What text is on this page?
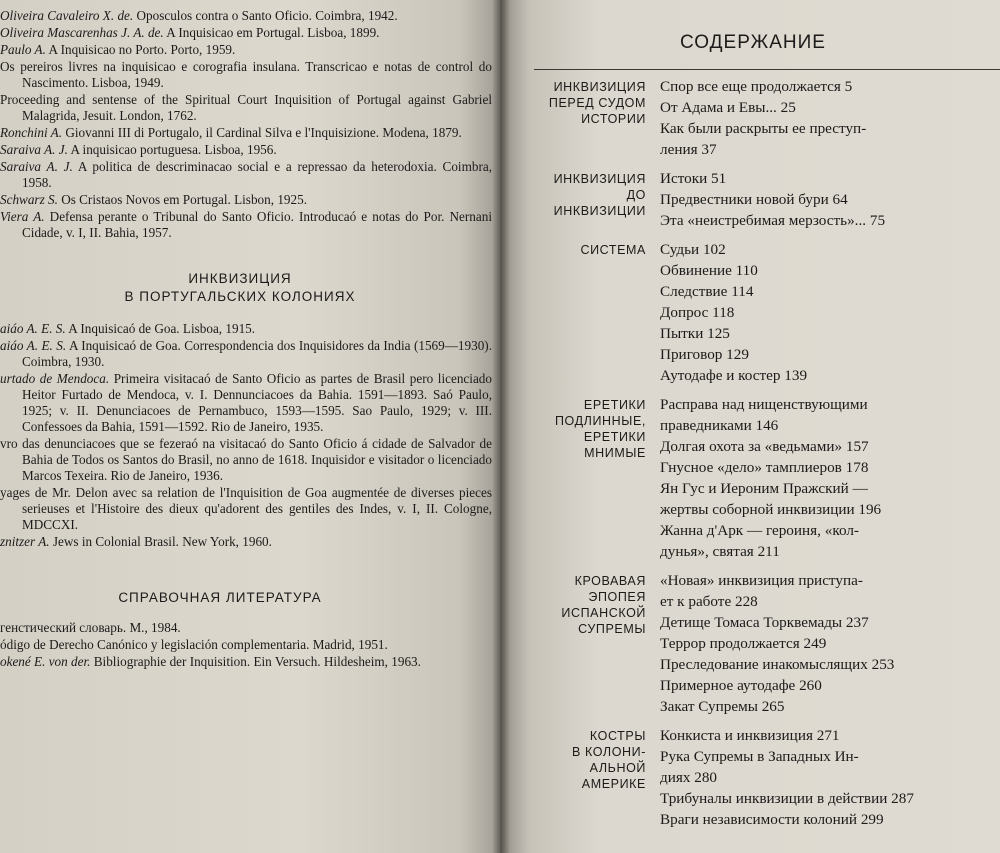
Oliveira Cavaleiro X. de. Oposculos contra o Santo Oficio. Coimbra, 1942.

Oliveira Mascarenhas J. A. de. A Inquisicao em Portugal. Lisboa, 1899.

Paulo A. A Inquisicao no Porto. Porto, 1959.

Os pereiros livres na inquisicao e corografia insulana. Transcricao e notas de control do Nascimento. Lisboa, 1949.

Proceeding and sentense of the Spiritual Court Inquisition of Portugal against Gabriel Malagrida, Jesuit. London, 1762.

Ronchini A. Giovanni III di Portugalo, il Cardinal Silva e l'Inquisizione. Modena, 1879.

Saraiva A. J. A inquisicao portuguesa. Lisboa, 1956.

Saraiva A. J. A politica de descriminacao social e a repressao da heterodoxia. Coimbra, 1958.

Schwarz S. Os Cristaos Novos em Portugal. Lisbon, 1925.

Viera A. Defensa perante o Tribunal do Santo Oficio. Introducaó e notas do Por. Nernani Cidade, v. I, II. Bahia, 1957.

ИНКВИЗИЦИЯ
В ПОРТУГАЛЬСКИХ КОЛОНИЯХ

aiáo A. E. S. A Inquisicaó de Goa. Lisboa, 1915.

aiáo A. E. S. A Inquisicaó de Goa. Correspondencia dos Inquisidores da India (1569—1930). Coimbra, 1930.

urtado de Mendoca. Primeira visitacaó de Santo Oficio as partes de Brasil pero licenciado Heitor Furtado de Mendoca, v. I. Dennunciacoes da Bahia. 1591—1893. Saó Paulo, 1925; v. II. Denunciacoes de Pernambuco, 1593—1595. Sao Paulo, 1929; v. III. Confessoes da Bahia, 1591—1592. Rio de Janeiro, 1935.

vro das denunciacoes que se fezeraó na visitacaó do Santo Oficio á cidade de Salvador de Bahia de Todos os Santos do Brasil, no anno de 1618. Inquisidor e visitador o licenciado Marcos Texeira. Rio de Janeiro, 1936.

yages de Mr. Delon avec sa relation de l'Inquisition de Goa augmentée de diverses pieces serieuses et l'Histoire des dieux qu'adorent des gentiles des Indes, v. I, II. Cologne, MDCCXI.

znitzer A. Jews in Colonial Brasil. New York, 1960.

СПРАВОЧНАЯ ЛИТЕРАТУРА

генстический словарь. М., 1984.

ódigo de Derecho Canónico y legislación complementaria. Madrid, 1951.

okené E. von der. Bibliographie der Inquisition. Ein Versuch. Hildesheim, 1963.

СОДЕРЖАНИЕ
ИНКВИЗИЦИЯ
ПЕРЕД СУДОМ
ИСТОРИИ
Спор все еще продолжается 5
От Адама и Евы... 25
Как были раскрыты ее преступ-
ления 37
ИНКВИЗИЦИЯ
ДО
ИНКВИЗИЦИИ
Истоки 51
Предвестники новой бури 64
Эта «неистребимая мерзость»... 75
СИСТЕМА Судьи 102
Обвинение 110
Следствие 114
Допрос 118
Пытки 125
Приговор 129
Аутодафе и костер 139
ЕРЕТИКИ
ПОДЛИННЫЕ,
ЕРЕТИКИ
МНИМЫЕ
Расправа над нищенствующими
праведниками 146
Долгая охота за «ведьмами» 157
Гнусное «дело» тамплиеров 178
Ян Гус и Иероним Пражский —
жертвы соборной инквизиции 196
Жанна д'Арк — героиня, «кол-
дунья», святая 211
КРОВАВАЯ
ЭПОПЕЯ
ИСПАНСКОЙ
СУПРЕМЫ
«Новая» инквизиция приступа-
ет к работе 228
Детище Томаса Торквемады 237
Террор продолжается 249
Преследование инакомыслящих 253
Примерное аутодафе 260
Закат Супремы 265
КОСТРЫ
В КОЛОНИ-
АЛЬНОЙ
АМЕРИКЕ
Конкиста и инквизиция 271
Рука Супремы в Западных Ин-
диях 280
Трибуналы инквизиции в действии 287
Враги независимости колоний 299
